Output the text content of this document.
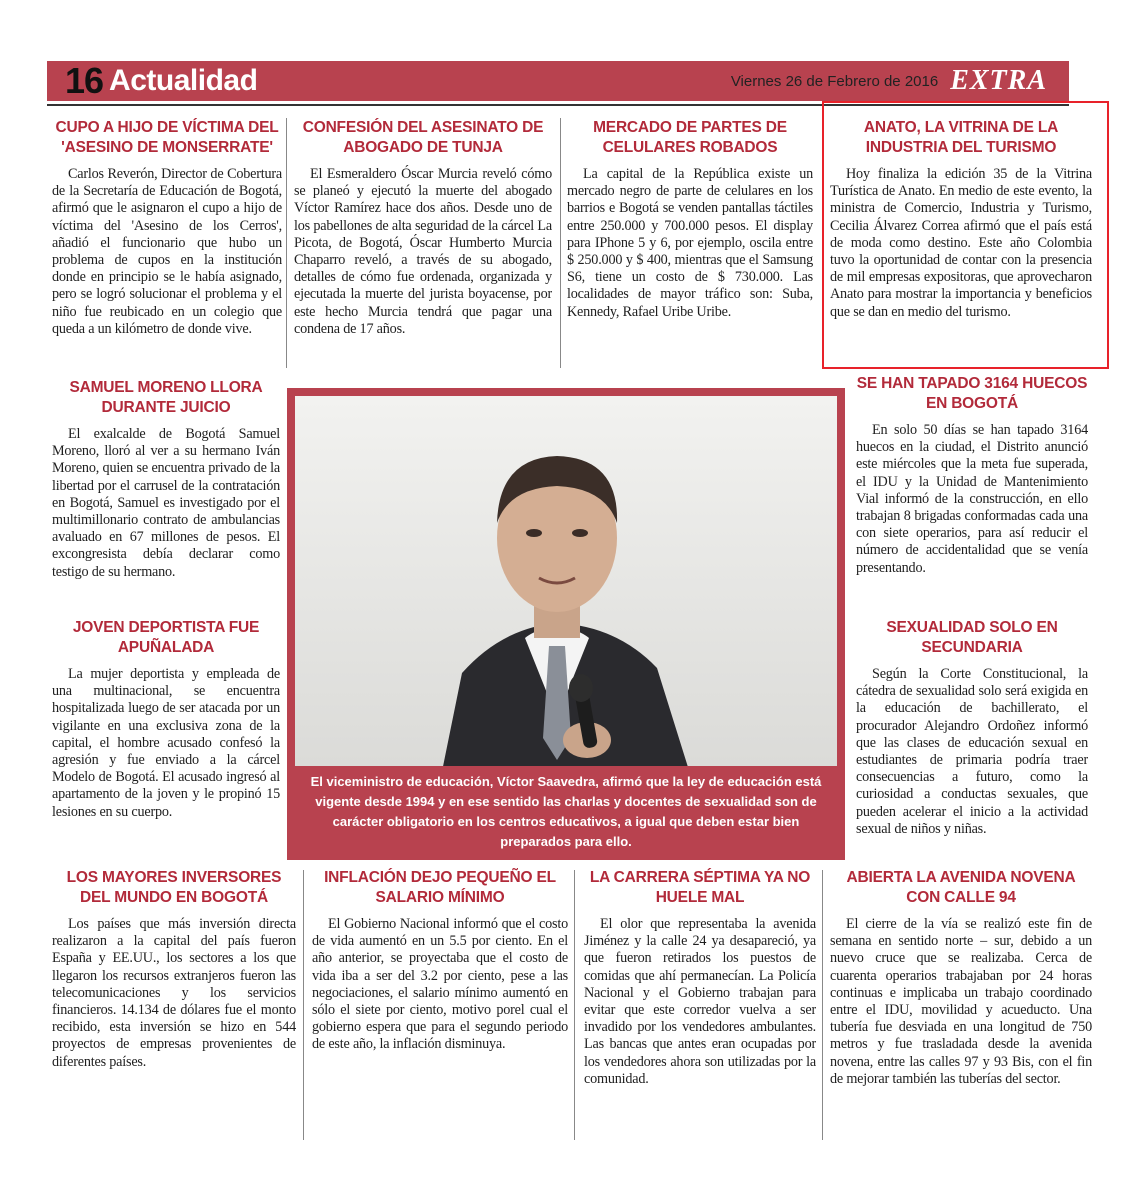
16 Actualidad	Viernes 26 de Febrero de 2016 EXTRA
CUPO A HIJO DE VÍCTIMA DEL 'ASESINO DE MONSERRATE'
Carlos Reverón, Director de Cobertura de la Secretaría de Educación de Bogotá, afirmó que le asignaron el cupo a hijo de víctima del 'Asesino de los Cerros', añadió el funcionario que hubo un problema de cupos en la institución donde en principio se le había asignado, pero se logró solucionar el problema y el niño fue reubicado en un colegio que queda a un kilómetro de donde vive.
CONFESIÓN DEL ASESINATO DE ABOGADO DE TUNJA
El Esmeraldero Óscar Murcia reveló cómo se planeó y ejecutó la muerte del abogado Víctor Ramírez hace dos años. Desde uno de los pabellones de alta seguridad de la cárcel La Picota, de Bogotá, Óscar Humberto Murcia Chaparro reveló, a través de su abogado, detalles de cómo fue ordenada, organizada y ejecutada la muerte del jurista boyacense, por este hecho Murcia tendrá que pagar una condena de 17 años.
MERCADO DE PARTES DE CELULARES ROBADOS
La capital de la República existe un mercado negro de parte de celulares en los barrios e Bogotá se venden pantallas táctiles entre 250.000 y 700.000 pesos. El display para IPhone 5 y 6, por ejemplo, oscila entre $ 250.000 y $ 400, mientras que el Samsung S6, tiene un costo de $ 730.000. Las localidades de mayor tráfico son: Suba, Kennedy, Rafael Uribe Uribe.
ANATO, LA VITRINA DE LA INDUSTRIA DEL TURISMO
Hoy finaliza la edición 35 de la Vitrina Turística de Anato. En medio de este evento, la ministra de Comercio, Industria y Turismo, Cecilia Álvarez Correa afirmó que el país está de moda como destino. Este año Colombia tuvo la oportunidad de contar con la presencia de mil empresas expositoras, que aprovecharon Anato para mostrar la importancia y beneficios que se dan en medio del turismo.
SAMUEL MORENO LLORA DURANTE JUICIO
El exalcalde de Bogotá Samuel Moreno, lloró al ver a su hermano Iván Moreno, quien se encuentra privado de la libertad por el carrusel de la contratación en Bogotá, Samuel es investigado por el multimillonario contrato de ambulancias avaluado en 67 millones de pesos. El excongresista debía declarar como testigo de su hermano.
JOVEN DEPORTISTA FUE APUÑALADA
La mujer deportista y empleada de una multinacional, se encuentra hospitalizada luego de ser atacada por un vigilante en una exclusiva zona de la capital, el hombre acusado confesó la agresión y fue enviado a la cárcel Modelo de Bogotá. El acusado ingresó al apartamento de la joven y le propinó 15 lesiones en su cuerpo.
El viceministro de educación, Víctor Saavedra, afirmó que la ley de educación está vigente desde 1994 y en ese sentido las charlas y docentes de sexualidad son de carácter obligatorio en los centros educativos, a igual que deben estar bien preparados para ello.
SE HAN TAPADO 3164 HUECOS EN BOGOTÁ
En solo 50 días se han tapado 3164 huecos en la ciudad, el Distrito anunció este miércoles que la meta fue superada, el IDU y la Unidad de Mantenimiento Vial informó de la construcción, en ello trabajan 8 brigadas conformadas cada una con siete operarios, para así reducir el número de accidentalidad que se venía presentando.
SEXUALIDAD SOLO EN SECUNDARIA
Según la Corte Constitucional, la cátedra de sexualidad solo será exigida en la educación de bachillerato, el procurador Alejandro Ordoñez informó que las clases de educación sexual en estudiantes de primaria podría traer consecuencias a futuro, como la curiosidad a conductas sexuales, que pueden acelerar el inicio a la actividad sexual de niños y niñas.
LOS MAYORES INVERSORES DEL MUNDO EN BOGOTÁ
Los países que más inversión directa realizaron a la capital del país fueron España y EE.UU., los sectores a los que llegaron los recursos extranjeros fueron las telecomunicaciones y los servicios financieros. 14.134 de dólares fue el monto recibido, esta inversión se hizo en 544 proyectos de empresas provenientes de diferentes países.
INFLACIÓN DEJO PEQUEÑO EL SALARIO MÍNIMO
El Gobierno Nacional informó que el costo de vida aumentó en un 5.5 por ciento. En el año anterior, se proyectaba que el costo de vida iba a ser del 3.2 por ciento, pese a las negociaciones, el salario mínimo aumentó en sólo el siete por ciento, motivo porel cual el gobierno espera que para el segundo periodo de este año, la inflación disminuya.
LA CARRERA SÉPTIMA YA NO HUELE MAL
El olor que representaba la avenida Jiménez y la calle 24 ya desapareció, ya que fueron retirados los puestos de comidas que ahí permanecían. La Policía Nacional y el Gobierno trabajan para evitar que este corredor vuelva a ser invadido por los vendedores ambulantes. Las bancas que antes eran ocupadas por los vendedores ahora son utilizadas por la comunidad.
ABIERTA LA AVENIDA NOVENA CON CALLE 94
El cierre de la vía se realizó este fin de semana en sentido norte – sur, debido a un nuevo cruce que se realizaba. Cerca de cuarenta operarios trabajaban por 24 horas continuas e implicaba un trabajo coordinado entre el IDU, movilidad y acueducto. Una tubería fue desviada en una longitud de 750 metros y fue trasladada desde la avenida novena, entre las calles 97 y 93 Bis, con el fin de mejorar también las tuberías del sector.
